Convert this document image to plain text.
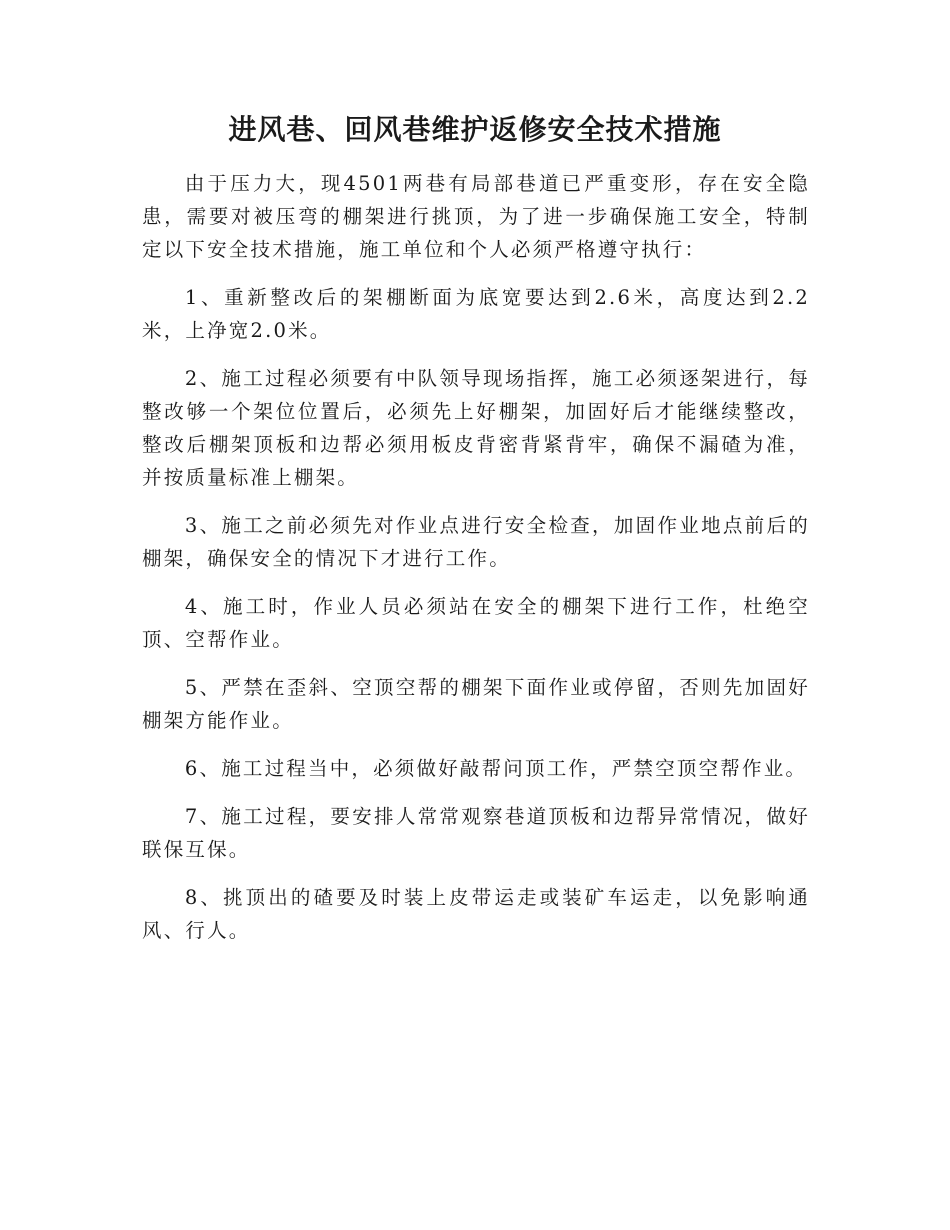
进风巷、回风巷维护返修安全技术措施

由于压力大，现4501两巷有局部巷道已严重变形，存在安全隐患，需要对被压弯的棚架进行挑顶，为了进一步确保施工安全，特制定以下安全技术措施，施工单位和个人必须严格遵守执行：

1、重新整改后的架棚断面为底宽要达到2.6米，高度达到2.2米，上净宽2.0米。

2、施工过程必须要有中队领导现场指挥，施工必须逐架进行，每整改够一个架位位置后，必须先上好棚架，加固好后才能继续整改，整改后棚架顶板和边帮必须用板皮背密背紧背牢，确保不漏碴为准，并按质量标准上棚架。

3、施工之前必须先对作业点进行安全检查，加固作业地点前后的棚架，确保安全的情况下才进行工作。

4、施工时，作业人员必须站在安全的棚架下进行工作，杜绝空顶、空帮作业。

5、严禁在歪斜、空顶空帮的棚架下面作业或停留，否则先加固好棚架方能作业。

6、施工过程当中，必须做好敲帮问顶工作，严禁空顶空帮作业。

7、施工过程，要安排人常常观察巷道顶板和边帮异常情况，做好联保互保。

8、挑顶出的碴要及时装上皮带运走或装矿车运走，以免影响通风、行人。
